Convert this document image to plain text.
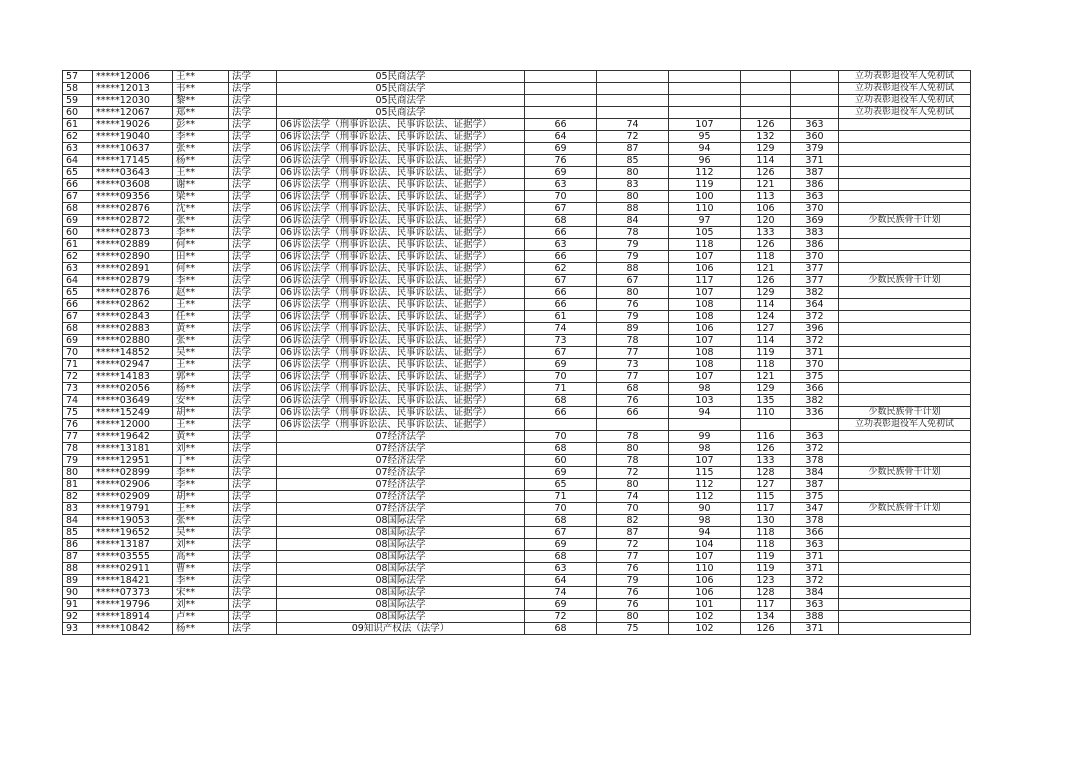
57	*****12006	王**	法学	05民商法学						立功表彰退役军人免初试
58	*****12013	韦**	法学	05民商法学						立功表彰退役军人免初试
59	*****12030	黎**	法学	05民商法学						立功表彰退役军人免初试
60	*****12067	郑**	法学	05民商法学						立功表彰退役军人免初试
61	*****19026	彭**	法学	06诉讼法学（刑事诉讼法、民事诉讼法、证据学）	66	74	107	126	363	
62	*****19040	李**	法学	06诉讼法学（刑事诉讼法、民事诉讼法、证据学）	64	72	95	132	360	
63	*****10637	张**	法学	06诉讼法学（刑事诉讼法、民事诉讼法、证据学）	69	87	94	129	379	
64	*****17145	杨**	法学	06诉讼法学（刑事诉讼法、民事诉讼法、证据学）	76	85	96	114	371	
65	*****03643	王**	法学	06诉讼法学（刑事诉讼法、民事诉讼法、证据学）	69	80	112	126	387	
66	*****03608	谢**	法学	06诉讼法学（刑事诉讼法、民事诉讼法、证据学）	63	83	119	121	386	
67	*****09356	梁**	法学	06诉讼法学（刑事诉讼法、民事诉讼法、证据学）	70	80	100	113	363	
68	*****02876	沈**	法学	06诉讼法学（刑事诉讼法、民事诉讼法、证据学）	67	88	110	106	370	
69	*****02872	张**	法学	06诉讼法学（刑事诉讼法、民事诉讼法、证据学）	68	84	97	120	369	少数民族骨干计划
60	*****02873	李**	法学	06诉讼法学（刑事诉讼法、民事诉讼法、证据学）	66	78	105	133	383	
61	*****02889	何**	法学	06诉讼法学（刑事诉讼法、民事诉讼法、证据学）	63	79	118	126	386	
62	*****02890	田**	法学	06诉讼法学（刑事诉讼法、民事诉讼法、证据学）	66	79	107	118	370	
63	*****02891	何**	法学	06诉讼法学（刑事诉讼法、民事诉讼法、证据学）	62	88	106	121	377	
64	*****02879	李**	法学	06诉讼法学（刑事诉讼法、民事诉讼法、证据学）	67	67	117	126	377	少数民族骨干计划
65	*****02876	赵**	法学	06诉讼法学（刑事诉讼法、民事诉讼法、证据学）	66	80	107	129	382	
66	*****02862	王**	法学	06诉讼法学（刑事诉讼法、民事诉讼法、证据学）	66	76	108	114	364	
67	*****02843	任**	法学	06诉讼法学（刑事诉讼法、民事诉讼法、证据学）	61	79	108	124	372	
68	*****02883	黄**	法学	06诉讼法学（刑事诉讼法、民事诉讼法、证据学）	74	89	106	127	396	
69	*****02880	张**	法学	06诉讼法学（刑事诉讼法、民事诉讼法、证据学）	73	78	107	114	372	
70	*****14852	吴**	法学	06诉讼法学（刑事诉讼法、民事诉讼法、证据学）	67	77	108	119	371	
71	*****02947	王**	法学	06诉讼法学（刑事诉讼法、民事诉讼法、证据学）	69	73	108	118	370	
72	*****14183	郭**	法学	06诉讼法学（刑事诉讼法、民事诉讼法、证据学）	70	77	107	121	375	
73	*****02056	杨**	法学	06诉讼法学（刑事诉讼法、民事诉讼法、证据学）	71	68	98	129	366	
74	*****03649	安**	法学	06诉讼法学（刑事诉讼法、民事诉讼法、证据学）	68	76	103	135	382	
75	*****15249	胡**	法学	06诉讼法学（刑事诉讼法、民事诉讼法、证据学）	66	66	94	110	336	少数民族骨干计划
76	*****12000	王**	法学	06诉讼法学（刑事诉讼法、民事诉讼法、证据学）						立功表彰退役军人免初试
77	*****19642	黄**	法学	07经济法学	70	78	99	116	363	
78	*****13181	刘**	法学	07经济法学	68	80	98	126	372	
79	*****12951	丁**	法学	07经济法学	60	78	107	133	378	
80	*****02899	李**	法学	07经济法学	69	72	115	128	384	少数民族骨干计划
81	*****02906	李**	法学	07经济法学	65	80	112	127	387	
82	*****02909	胡**	法学	07经济法学	71	74	112	115	375	
83	*****19791	王**	法学	07经济法学	70	70	90	117	347	少数民族骨干计划
84	*****19053	张**	法学	08国际法学	68	82	98	130	378	
85	*****19652	吴**	法学	08国际法学	67	87	94	118	366	
86	*****13187	刘**	法学	08国际法学	69	72	104	118	363	
87	*****03555	高**	法学	08国际法学	68	77	107	119	371	
88	*****02911	曹**	法学	08国际法学	63	76	110	119	371	
89	*****18421	李**	法学	08国际法学	64	79	106	123	372	
90	*****07373	宋**	法学	08国际法学	74	76	106	128	384	
91	*****19796	刘**	法学	08国际法学	69	76	101	117	363	
92	*****18914	卢**	法学	08国际法学	72	80	102	134	388	
93	*****10842	杨**	法学	09知识产权法（法学）	68	75	102	126	371	
